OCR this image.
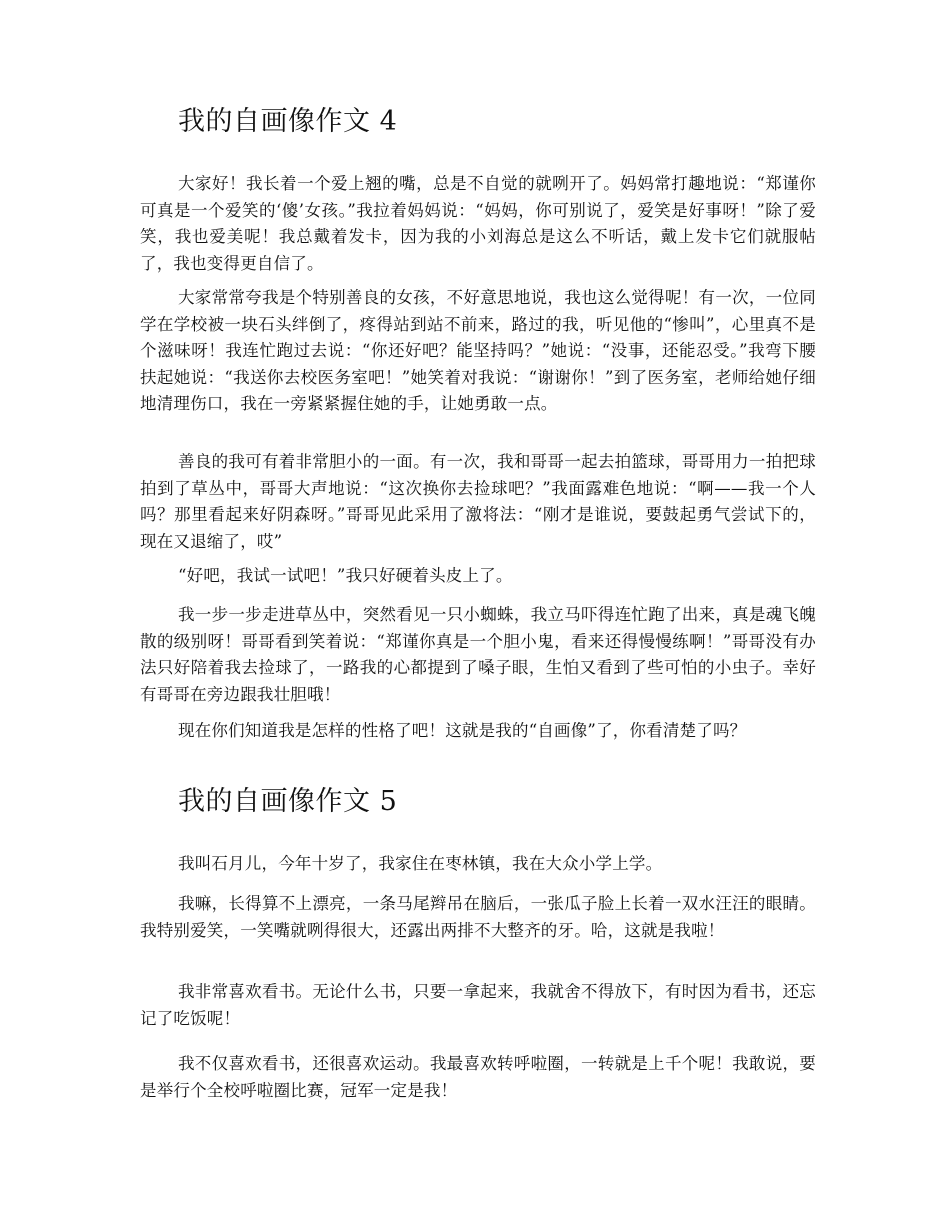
我的自画像作文 4

大家好！我长着一个爱上翘的嘴，总是不自觉的就咧开了。妈妈常打趣地说：“郑谨你可真是一个爱笑的‘傻’女孩。”我拉着妈妈说：“妈妈，你可别说了，爱笑是好事呀！”除了爱笑，我也爱美呢！我总戴着发卡，因为我的小刘海总是这么不听话，戴上发卡它们就服帖了，我也变得更自信了。

大家常常夸我是个特别善良的女孩，不好意思地说，我也这么觉得呢！有一次，一位同学在学校被一块石头绊倒了，疼得站到站不前来，路过的我，听见他的“惨叫”，心里真不是个滋味呀！我连忙跑过去说：“你还好吧？能坚持吗？”她说：“没事，还能忍受。”我弯下腰扶起她说：“我送你去校医务室吧！”她笑着对我说：“谢谢你！”到了医务室，老师给她仔细地清理伤口，我在一旁紧紧握住她的手，让她勇敢一点。

善良的我可有着非常胆小的一面。有一次，我和哥哥一起去拍篮球，哥哥用力一拍把球拍到了草丛中，哥哥大声地说：“这次换你去捡球吧？”我面露难色地说：“啊——我一个人吗？那里看起来好阴森呀。”哥哥见此采用了激将法：“刚才是谁说，要鼓起勇气尝试下的，现在又退缩了，哎”

“好吧，我试一试吧！”我只好硬着头皮上了。

我一步一步走进草丛中，突然看见一只小蜘蛛，我立马吓得连忙跑了出来，真是魂飞魄散的级别呀！哥哥看到笑着说：“郑谨你真是一个胆小鬼，看来还得慢慢练啊！”哥哥没有办法只好陪着我去捡球了，一路我的心都提到了嗓子眼，生怕又看到了些可怕的小虫子。幸好有哥哥在旁边跟我壮胆哦！

现在你们知道我是怎样的性格了吧！这就是我的“自画像”了，你看清楚了吗？

我的自画像作文 5

我叫石月儿，今年十岁了，我家住在枣林镇，我在大众小学上学。

我嘛，长得算不上漂亮，一条马尾辫吊在脑后，一张瓜子脸上长着一双水汪汪的眼睛。我特别爱笑，一笑嘴就咧得很大，还露出两排不大整齐的牙。哈，这就是我啦！

我非常喜欢看书。无论什么书，只要一拿起来，我就舍不得放下，有时因为看书，还忘记了吃饭呢！

我不仅喜欢看书，还很喜欢运动。我最喜欢转呼啦圈，一转就是上千个呢！我敢说，要是举行个全校呼啦圈比赛，冠军一定是我！
